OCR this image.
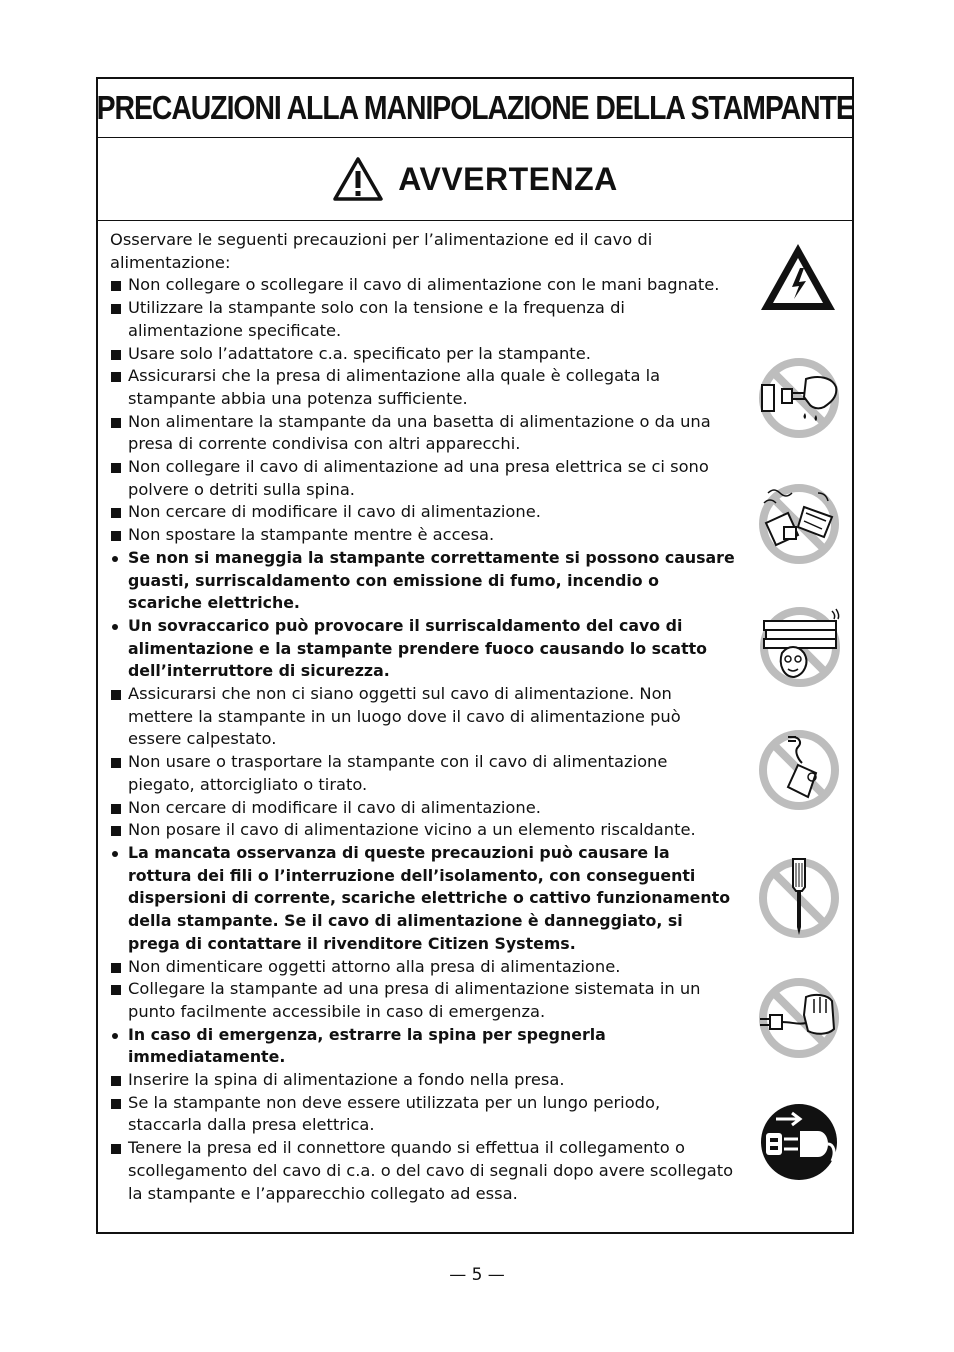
PRECAUZIONI ALLA MANIPOLAZIONE DELLA STAMPANTE
AVVERTENZA

Osservare le seguenti precauzioni per l’alimentazione ed il cavo di alimentazione:

Non collegare o scollegare il cavo di alimentazione con le mani bagnate.
Utilizzare la stampante solo con la tensione e la frequenza di alimentazione specificate.
Usare solo l’adattatore c.a. specificato per la stampante.
Assicurarsi che la presa di alimentazione alla quale è collegata la stampante abbia una potenza sufficiente.
Non alimentare la stampante da una basetta di alimentazione o da una presa di corrente condivisa con altri apparecchi.
Non collegare il cavo di alimentazione ad una presa elettrica se ci sono polvere o detriti sulla spina.
Non cercare di modificare il cavo di alimentazione.
Non spostare la stampante mentre è accesa.
Se non si maneggia la stampante correttamente si possono causare guasti, surriscaldamento con emissione di fumo, incendio o scariche elettriche.
Un sovraccarico può provocare il surriscaldamento del cavo di alimentazione e la stampante prendere fuoco causando lo scatto dell’interruttore di sicurezza.
Assicurarsi che non ci siano oggetti sul cavo di alimentazione. Non mettere la stampante in un luogo dove il cavo di alimentazione può essere calpestato.
Non usare o trasportare la stampante con il cavo di alimentazione piegato, attorcigliato o tirato.
Non cercare di modificare il cavo di alimentazione.
Non posare il cavo di alimentazione vicino a un elemento riscaldante.
La mancata osservanza di queste precauzioni può causare la rottura dei fili o l’interruzione dell’isolamento, con conseguenti dispersioni di corrente, scariche elettriche o cattivo funzionamento della stampante. Se il cavo di alimentazione è danneggiato, si prega di contattare il rivenditore Citizen Systems.
Non dimenticare oggetti attorno alla presa di alimentazione.
Collegare la stampante ad una presa di alimentazione sistemata in un punto facilmente accessibile in caso di emergenza.
In caso di emergenza, estrarre la spina per spegnerla immediatamente.
Inserire la spina di alimentazione a fondo nella presa.
Se la stampante non deve essere utilizzata per un lungo periodo, staccarla dalla presa elettrica.
Tenere la presa ed il connettore quando si effettua il collegamento o scollegamento del cavo di c.a. o del cavo di segnali dopo avere scollegato la stampante e l’apparecchio collegato ad essa.
— 5 —
